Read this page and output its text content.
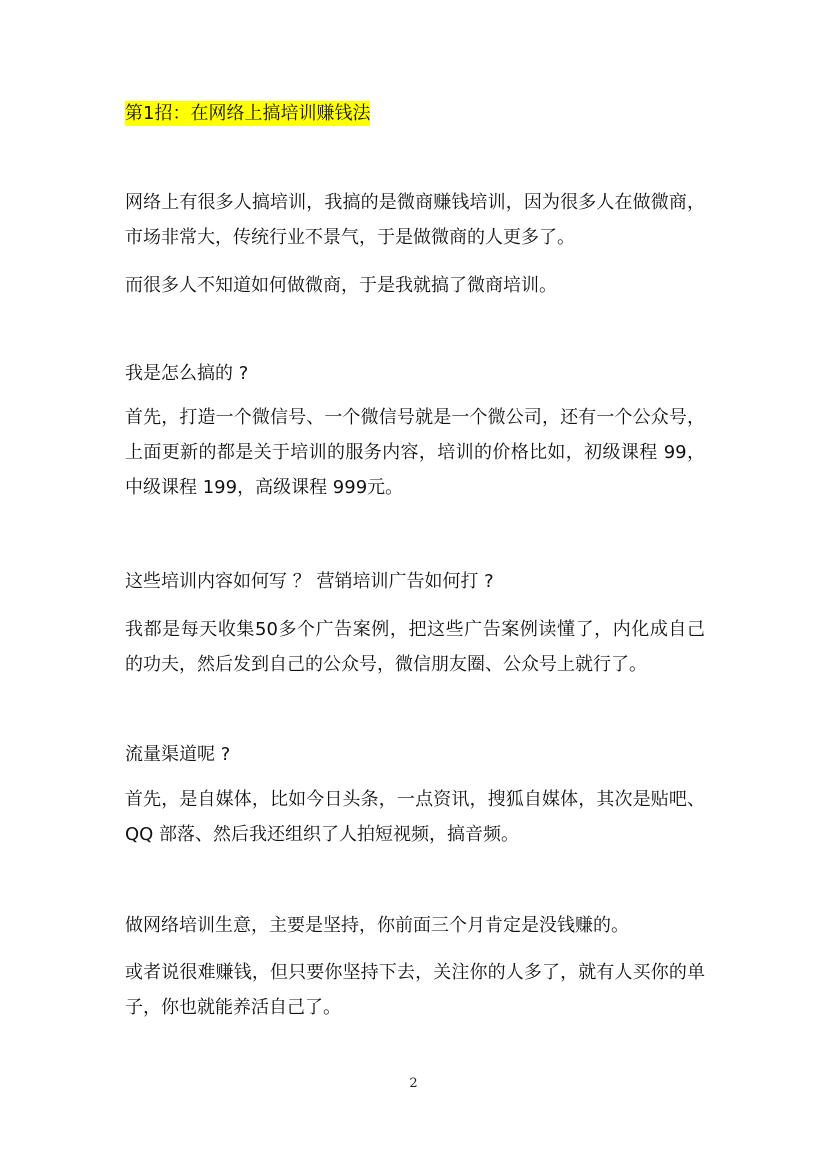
第1招：在网络上搞培训赚钱法

网络上有很多人搞培训，我搞的是微商赚钱培训，因为很多人在做微商，市场非常大，传统行业不景气，于是做微商的人更多了。

而很多人不知道如何做微商，于是我就搞了微商培训。

我是怎么搞的 ?

首先，打造一个微信号、一个微信号就是一个微公司，还有一个公众号，上面更新的都是关于培训的服务内容，培训的价格比如，初级课程 99，中级课程 199，高级课程 999元。

这些培训内容如何写 ？ 营销培训广告如何打 ?

我都是每天收集50多个广告案例，把这些广告案例读懂了，内化成自己的功夫，然后发到自己的公众号，微信朋友圈、公众号上就行了。

流量渠道呢 ?

首先，是自媒体，比如今日头条，一点资讯，搜狐自媒体，其次是贴吧、QQ 部落、然后我还组织了人拍短视频，搞音频。

做网络培训生意，主要是坚持，你前面三个月肯定是没钱赚的。

或者说很难赚钱，但只要你坚持下去，关注你的人多了，就有人买你的单子，你也就能养活自己了。

2
